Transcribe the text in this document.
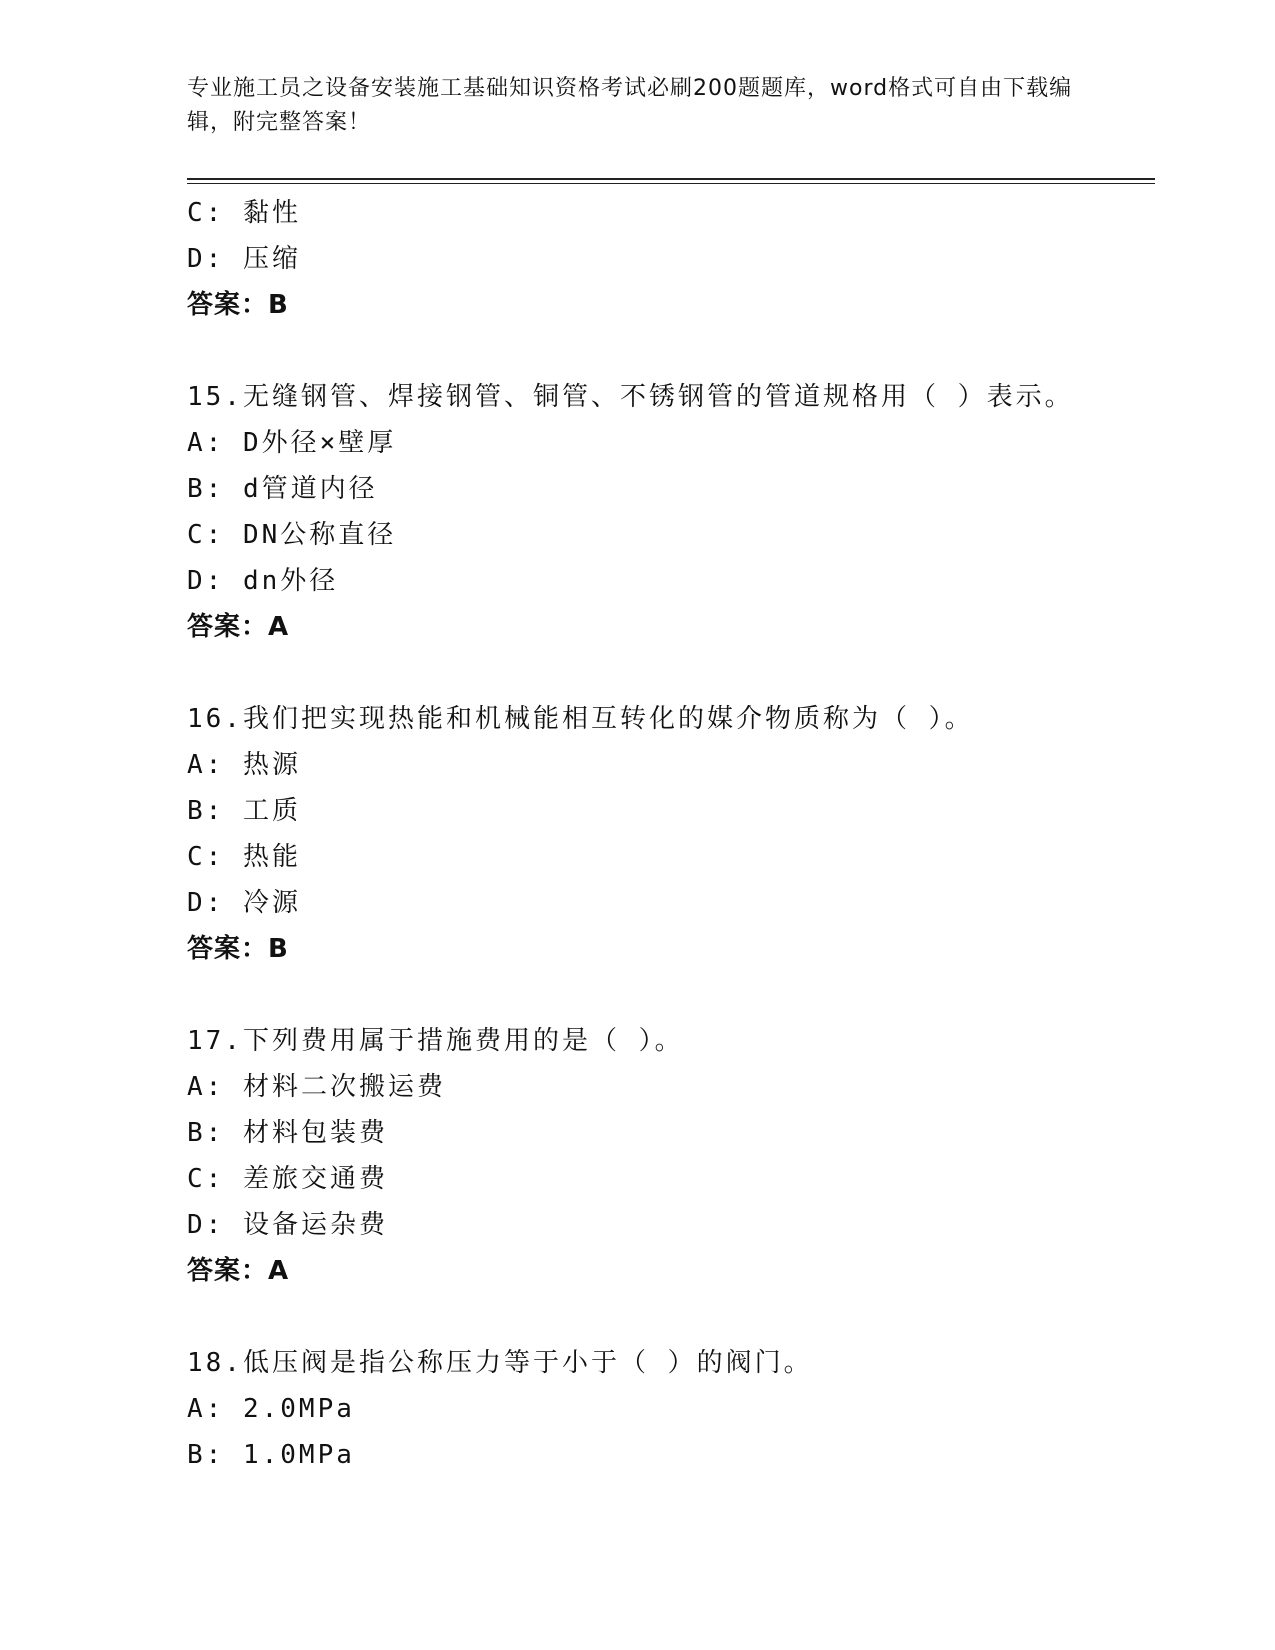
专业施工员之设备安装施工基础知识资格考试必刷200题题库，word格式可自由下载编辑，附完整答案！
C: 黏性
D: 压缩
答案：B
15.无缝钢管、焊接钢管、铜管、不锈钢管的管道规格用（ ）表示。
A: D外径×壁厚
B: d管道内径
C: DN公称直径
D: dn外径
答案：A
16.我们把实现热能和机械能相互转化的媒介物质称为（ ）。
A: 热源
B: 工质
C: 热能
D: 冷源
答案：B
17.下列费用属于措施费用的是（ ）。
A: 材料二次搬运费
B: 材料包装费
C: 差旅交通费
D: 设备运杂费
答案：A
18.低压阀是指公称压力等于小于（ ）的阀门。
A: 2.0MPa
B: 1.0MPa
